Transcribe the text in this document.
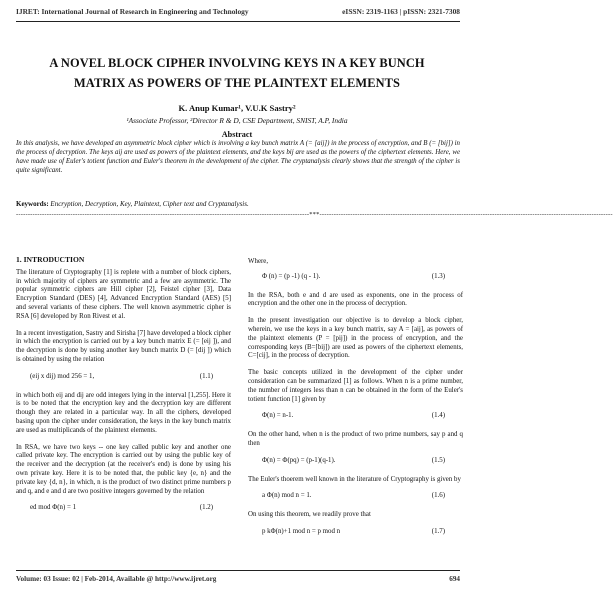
IJRET: International Journal of Research in Engineering and Technology	eISSN: 2319-1163 | pISSN: 2321-7308
A NOVEL BLOCK CIPHER INVOLVING KEYS IN A KEY BUNCH
MATRIX AS POWERS OF THE PLAINTEXT ELEMENTS
K. Anup Kumar¹, V.U.K Sastry²
¹Associate Professor, ²Director R & D, CSE Department, SNIST, A.P, India
Abstract
In this analysis, we have developed an asymmetric block cipher which is involving a key bunch matrix A (= [aij]) in the process of encryption, and B (= [bij]) in the process of decryption. The keys aij are used as powers of the plaintext elements, and the keys bij are used as the powers of the ciphertext elements. Here, we have made use of Euler's totient function and Euler's theorem in the development of the cipher. The cryptanalysis clearly shows that the strength of the cipher is quite significant.
Keywords: Encryption, Decryption, Key, Plaintext, Cipher text and Cryptanalysis.
----------------------------------------------------------------------------------------------------------------------------***----------------------------------------------------------------------------------------------------------------------------
1. INTRODUCTION

The literature of Cryptography [1] is replete with a number of block ciphers, in which majority of ciphers are symmetric and a few are asymmetric. The popular symmetric ciphers are Hill cipher [2], Feistel cipher [3], Data Encryption Standard (DES) [4], Advanced Encryption Standard (AES) [5] and several variants of these ciphers. The well known asymmetric cipher is RSA [6] developed by Ron Rivest et al.

In a recent investigation, Sastry and Sirisha [7] have developed a block cipher in which the encryption is carried out by a key bunch matrix E (= [eij ]), and the decryption is done by using another key bunch matrix D (= [dij ]) which is obtained by using the relation

(eij x dij) mod 256 = 1,	(1.1)

in which both eij and dij are odd integers lying in the interval [1,255]. Here it is to be noted that the encryption key and the decryption key are different though they are related in a particular way. In all the ciphers, developed basing upon the cipher under consideration, the keys in the key bunch matrix are used as multiplicands of the plaintext elements.

In RSA, we have two keys -- one key called public key and another one called private key. The encryption is carried out by using the public key of the receiver and the decryption (at the receiver's end) is done by using his own private key. Here it is to be noted that, the public key {e, n} and the private key {d, n}, in which, n is the product of two distinct prime numbers p and q, and e and d are two positive integers governed by the relation

ed mod Φ(n) = 1	(1.2)

Where,

Φ (n) = (p -1) (q - 1).	(1.3)

In the RSA, both e and d are used as exponents, one in the process of encryption and the other one in the process of decryption.

In the present investigation our objective is to develop a block cipher, wherein, we use the keys in a key bunch matrix, say A = [aij], as powers of the plaintext elements (P = [pij]) in the process of encryption, and the corresponding keys (B=[bij]) are used as powers of the ciphertext elements, C=[cij], in the process of decryption.

The basic concepts utilized in the development of the cipher under consideration can be summarized [1] as follows. When n is a prime number, the number of integers less than n can be obtained in the form of the Euler's totient function [1] given by

Φ(n) = n-1.	(1.4)

On the other hand, when n is the product of two prime numbers, say p and q then

Φ(n) = Φ(pq) = (p-1)(q-1).	(1.5)

The Euler's thoerem well known in the literature of Cryptography is given by

a Φ(n) mod n = 1.	(1.6)

On using this theorem, we readily prove that

p kΦ(n)+1 mod n = p mod n	(1.7)
Volume: 03 Issue: 02 | Feb-2014, Available @ http://www.ijret.org	694
